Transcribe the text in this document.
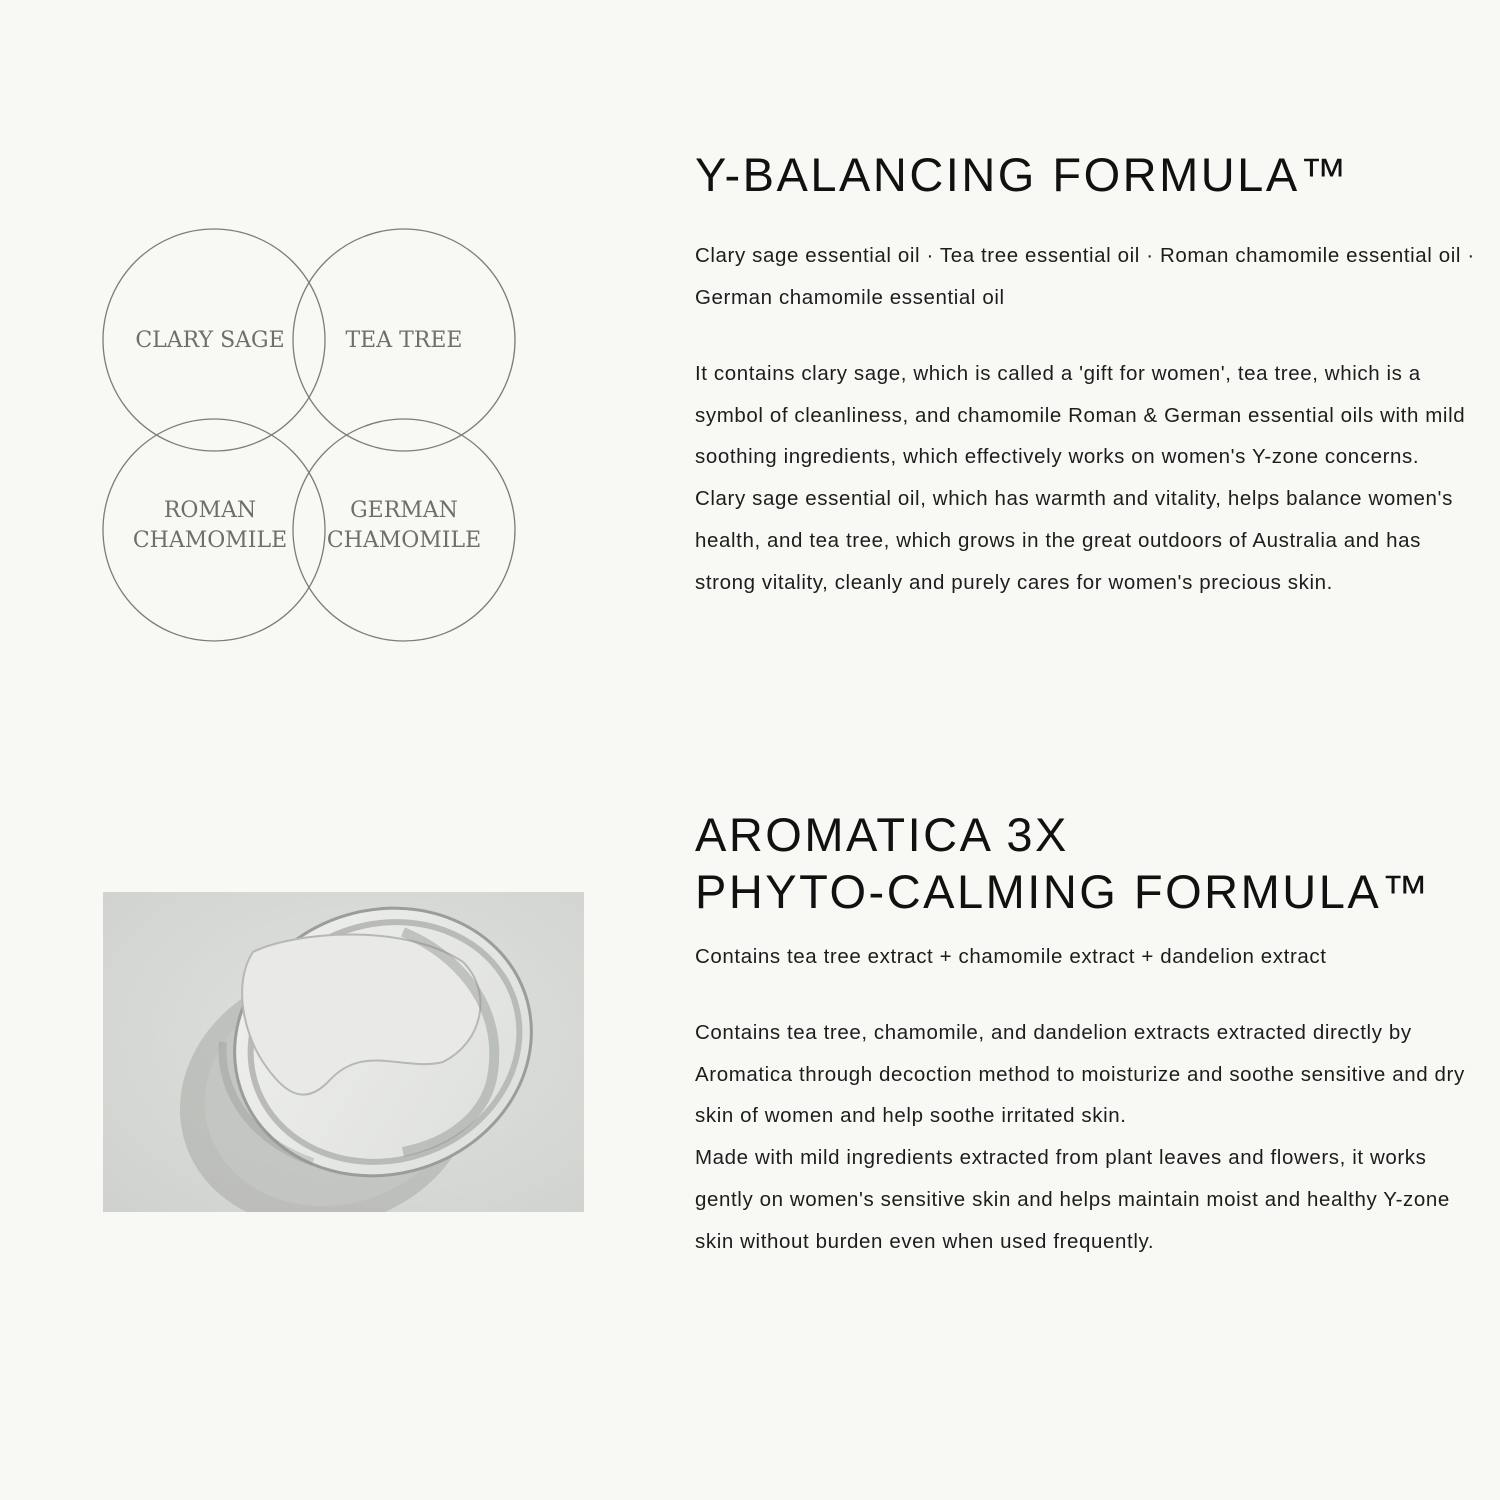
CLARY SAGE	TEA TREE
ROMAN
CHAMOMILE
GERMAN
CHAMOMILE
Y-BALANCING FORMULA™
Clary sage essential oil · Tea tree essential oil · Roman chamomile essential oil · German chamomile essential oil

It contains clary sage, which is called a 'gift for women', tea tree, which is a symbol of cleanliness, and chamomile Roman & German essential oils with mild soothing ingredients, which effectively works on women's Y-zone concerns.

Clary sage essential oil, which has warmth and vitality, helps balance women's health, and tea tree, which grows in the great outdoors of Australia and has strong vitality, cleanly and purely cares for women's precious skin.

AROMATICA 3X
PHYTO-CALMING FORMULA™
Contains tea tree extract + chamomile extract + dandelion extract

Contains tea tree, chamomile, and dandelion extracts extracted directly by Aromatica through decoction method to moisturize and soothe sensitive and dry skin of women and help soothe irritated skin.

Made with mild ingredients extracted from plant leaves and flowers, it works gently on women's sensitive skin and helps maintain moist and healthy Y-zone skin without burden even when used frequently.
